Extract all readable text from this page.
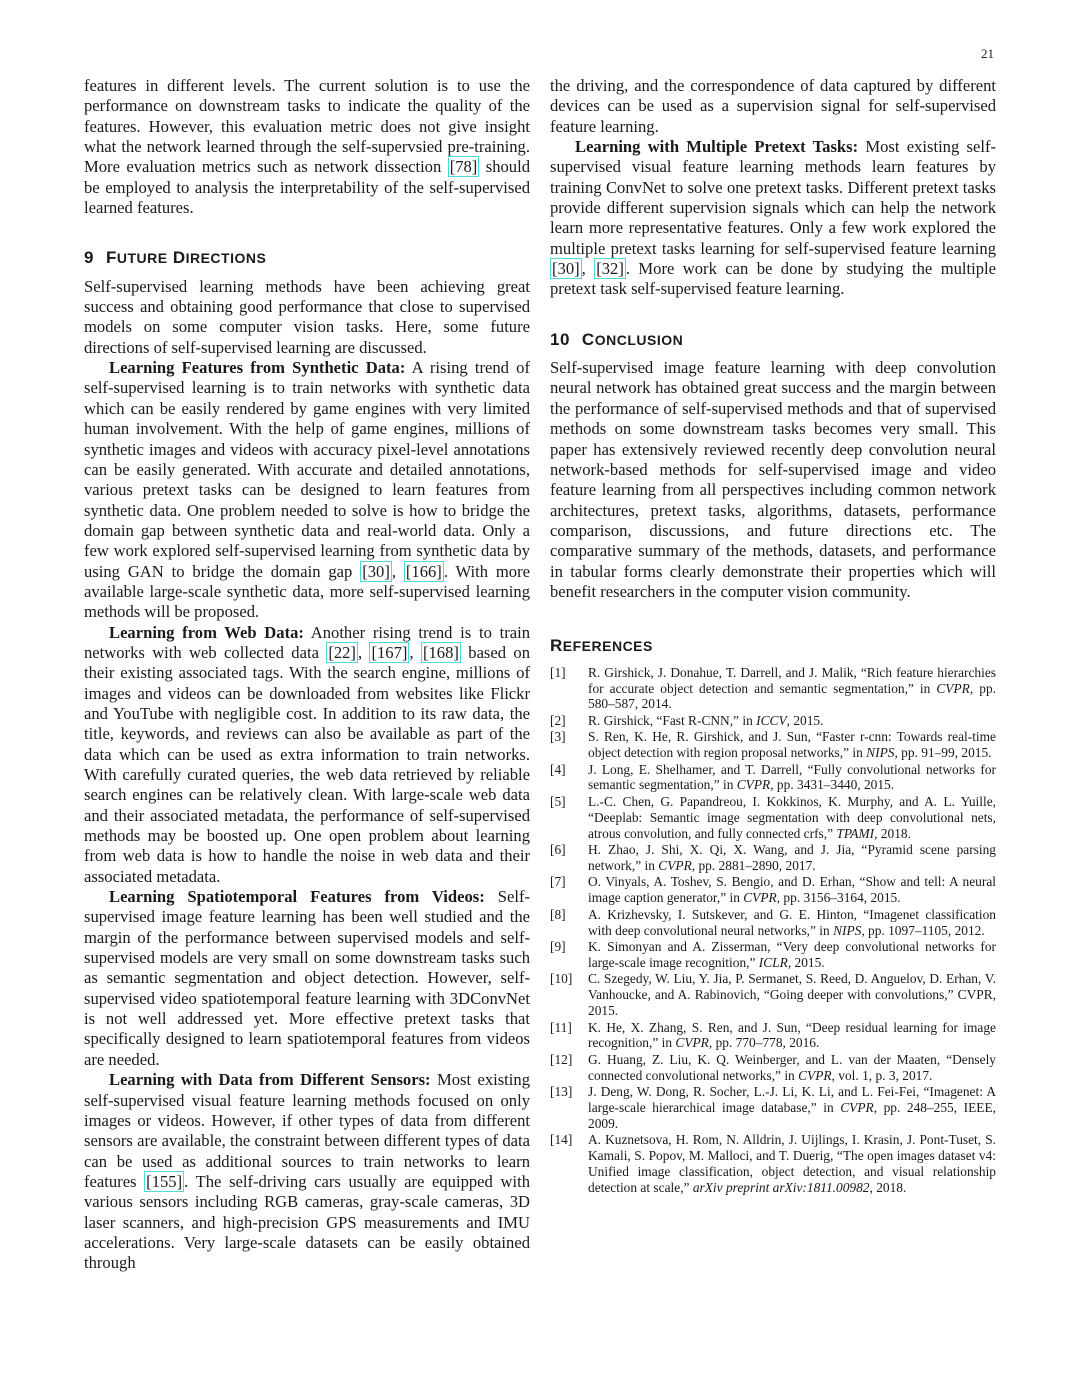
21

features in different levels. The current solution is to use the performance on downstream tasks to indicate the quality of the features. However, this evaluation metric does not give insight what the network learned through the self-supervsied pre-training. More evaluation metrics such as network dissection [78] should be employed to analysis the interpretability of the self-supervised learned features.

9 FUTURE DIRECTIONS

Self-supervised learning methods have been achieving great success and obtaining good performance that close to supervised models on some computer vision tasks. Here, some future directions of self-supervised learning are discussed.

Learning Features from Synthetic Data: A rising trend of self-supervised learning is to train networks with synthetic data which can be easily rendered by game engines with very limited human involvement. With the help of game engines, millions of synthetic images and videos with accuracy pixel-level annotations can be easily generated. With accurate and detailed annotations, various pretext tasks can be designed to learn features from synthetic data. One problem needed to solve is how to bridge the domain gap between synthetic data and real-world data. Only a few work explored self-supervised learning from synthetic data by using GAN to bridge the domain gap [30] , [166] . With more available large-scale synthetic data, more self-supervised learning methods will be proposed.

Learning from Web Data: Another rising trend is to train networks with web collected data [22] , [167] , [168] based on their existing associated tags. With the search engine, millions of images and videos can be downloaded from websites like Flickr and YouTube with negligible cost. In addition to its raw data, the title, keywords, and reviews can also be available as part of the data which can be used as extra information to train networks. With carefully curated queries, the web data retrieved by reliable search engines can be relatively clean. With large-scale web data and their associated metadata, the performance of self-supervised methods may be boosted up. One open problem about learning from web data is how to handle the noise in web data and their associated metadata.

Learning Spatiotemporal Features from Videos: Self-supervised image feature learning has been well studied and the margin of the performance between supervised models and self-supervised models are very small on some downstream tasks such as semantic segmentation and object detection. However, self-supervised video spatiotemporal feature learning with 3DConvNet is not well addressed yet. More effective pretext tasks that specifically designed to learn spatiotemporal features from videos are needed.

Learning with Data from Different Sensors: Most existing self-supervised visual feature learning methods focused on only images or videos. However, if other types of data from different sensors are available, the constraint between different types of data can be used as additional sources to train networks to learn features [155] . The self-driving cars usually are equipped with various sensors including RGB cameras, gray-scale cameras, 3D laser scanners, and high-precision GPS measurements and IMU accelerations. Very large-scale datasets can be easily obtained through

the driving, and the correspondence of data captured by different devices can be used as a supervision signal for self-supervised feature learning.

Learning with Multiple Pretext Tasks: Most existing self-supervised visual feature learning methods learn features by training ConvNet to solve one pretext tasks. Different pretext tasks provide different supervision signals which can help the network learn more representative features. Only a few work explored the multiple pretext tasks learning for self-supervised feature learning [30] , [32] . More work can be done by studying the multiple pretext task self-supervised feature learning.

10 CONCLUSION

Self-supervised image feature learning with deep convolution neural network has obtained great success and the margin between the performance of self-supervised methods and that of supervised methods on some downstream tasks becomes very small. This paper has extensively reviewed recently deep convolution neural network-based methods for self-supervised image and video feature learning from all perspectives including common network architectures, pretext tasks, algorithms, datasets, performance comparison, discussions, and future directions etc. The comparative summary of the methods, datasets, and performance in tabular forms clearly demonstrate their properties which will benefit researchers in the computer vision community.

REFERENCES
[1]	R. Girshick, J. Donahue, T. Darrell, and J. Malik, “Rich feature hierarchies for accurate object detection and semantic segmentation,” in CVPR, pp. 580–587, 2014.
[2]	R. Girshick, “Fast R-CNN,” in ICCV, 2015.
[3]	S. Ren, K. He, R. Girshick, and J. Sun, “Faster r-cnn: Towards real-time object detection with region proposal networks,” in NIPS, pp. 91–99, 2015.
[4]	J. Long, E. Shelhamer, and T. Darrell, “Fully convolutional networks for semantic segmentation,” in CVPR, pp. 3431–3440, 2015.
[5]	L.-C. Chen, G. Papandreou, I. Kokkinos, K. Murphy, and A. L. Yuille, “Deeplab: Semantic image segmentation with deep convolutional nets, atrous convolution, and fully connected crfs,” TPAMI, 2018.
[6]	H. Zhao, J. Shi, X. Qi, X. Wang, and J. Jia, “Pyramid scene parsing network,” in CVPR, pp. 2881–2890, 2017.
[7]	O. Vinyals, A. Toshev, S. Bengio, and D. Erhan, “Show and tell: A neural image caption generator,” in CVPR, pp. 3156–3164, 2015.
[8]	A. Krizhevsky, I. Sutskever, and G. E. Hinton, “Imagenet classification with deep convolutional neural networks,” in NIPS, pp. 1097–1105, 2012.
[9]	K. Simonyan and A. Zisserman, “Very deep convolutional networks for large-scale image recognition,” ICLR, 2015.
[10]	C. Szegedy, W. Liu, Y. Jia, P. Sermanet, S. Reed, D. Anguelov, D. Erhan, V. Vanhoucke, and A. Rabinovich, “Going deeper with convolutions,” CVPR, 2015.
[11]	K. He, X. Zhang, S. Ren, and J. Sun, “Deep residual learning for image recognition,” in CVPR, pp. 770–778, 2016.
[12]	G. Huang, Z. Liu, K. Q. Weinberger, and L. van der Maaten, “Densely connected convolutional networks,” in CVPR, vol. 1, p. 3, 2017.
[13]	J. Deng, W. Dong, R. Socher, L.-J. Li, K. Li, and L. Fei-Fei, “Imagenet: A large-scale hierarchical image database,” in CVPR, pp. 248–255, IEEE, 2009.
[14]	A. Kuznetsova, H. Rom, N. Alldrin, J. Uijlings, I. Krasin, J. Pont-Tuset, S. Kamali, S. Popov, M. Malloci, and T. Duerig, “The open images dataset v4: Unified image classification, object detection, and visual relationship detection at scale,” arXiv preprint arXiv:1811.00982, 2018.
